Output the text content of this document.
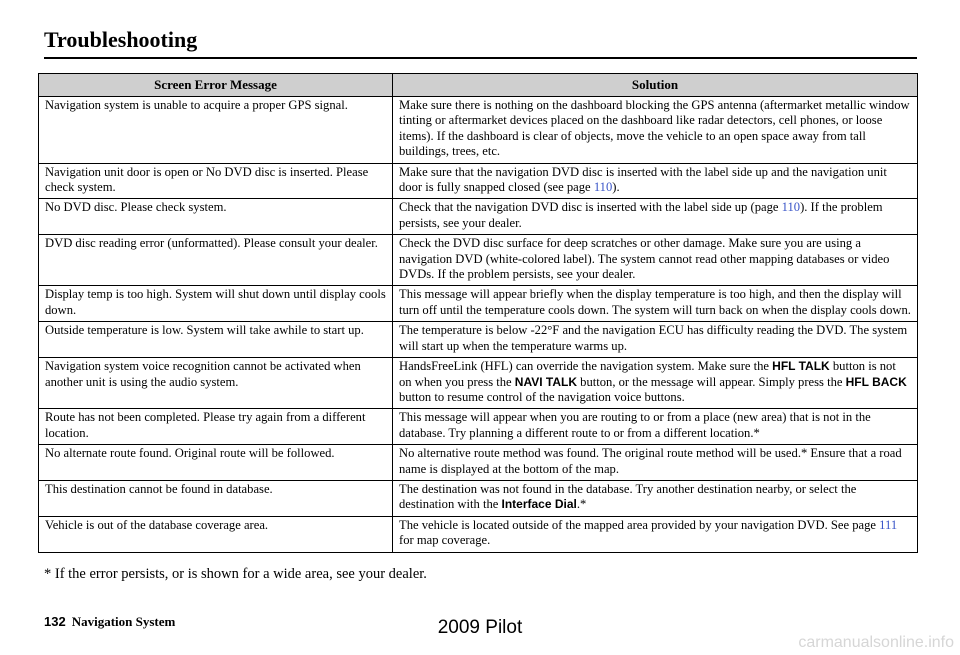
Troubleshooting
Screen Error Message	Solution
Navigation system is unable to acquire a proper GPS signal.	Make sure there is nothing on the dashboard blocking the GPS antenna (aftermarket metallic window tinting or aftermarket devices placed on the dashboard like radar detectors, cell phones, or loose items). If the dashboard is clear of objects, move the vehicle to an open space away from tall buildings, trees, etc.
Navigation unit door is open or No DVD disc is inserted. Please check system.	Make sure that the navigation DVD disc is inserted with the label side up and the navigation unit door is fully snapped closed (see page 110).
No DVD disc. Please check system.	Check that the navigation DVD disc is inserted with the label side up (page 110). If the problem persists, see your dealer.
DVD disc reading error (unformatted). Please consult your dealer.	Check the DVD disc surface for deep scratches or other damage. Make sure you are using a navigation DVD (white-colored label). The system cannot read other mapping databases or video DVDs. If the problem persists, see your dealer.
Display temp is too high. System will shut down until display cools down.	This message will appear briefly when the display temperature is too high, and then the display will turn off until the temperature cools down. The system will turn back on when the display cools down.
Outside temperature is low. System will take awhile to start up.	The temperature is below -22°F and the navigation ECU has difficulty reading the DVD. The system will start up when the temperature warms up.
Navigation system voice recognition cannot be activated when another unit is using the audio system.	HandsFreeLink (HFL) can override the navigation system. Make sure the HFL TALK button is not on when you press the NAVI TALK button, or the message will appear. Simply press the HFL BACK button to resume control of the navigation voice buttons.
Route has not been completed. Please try again from a different location.	This message will appear when you are routing to or from a place (new area) that is not in the database. Try planning a different route to or from a different location.*
No alternate route found. Original route will be followed.	No alternative route method was found. The original route method will be used.* Ensure that a road name is displayed at the bottom of the map.
This destination cannot be found in database.	The destination was not found in the database. Try another destination nearby, or select the destination with the Interface Dial.*
Vehicle is out of the database coverage area.	The vehicle is located outside of the mapped area provided by your navigation DVD. See page 111 for map coverage.
* If the error persists, or is shown for a wide area, see your dealer.
132 Navigation System	2009 Pilot
carmanualsonline.info
